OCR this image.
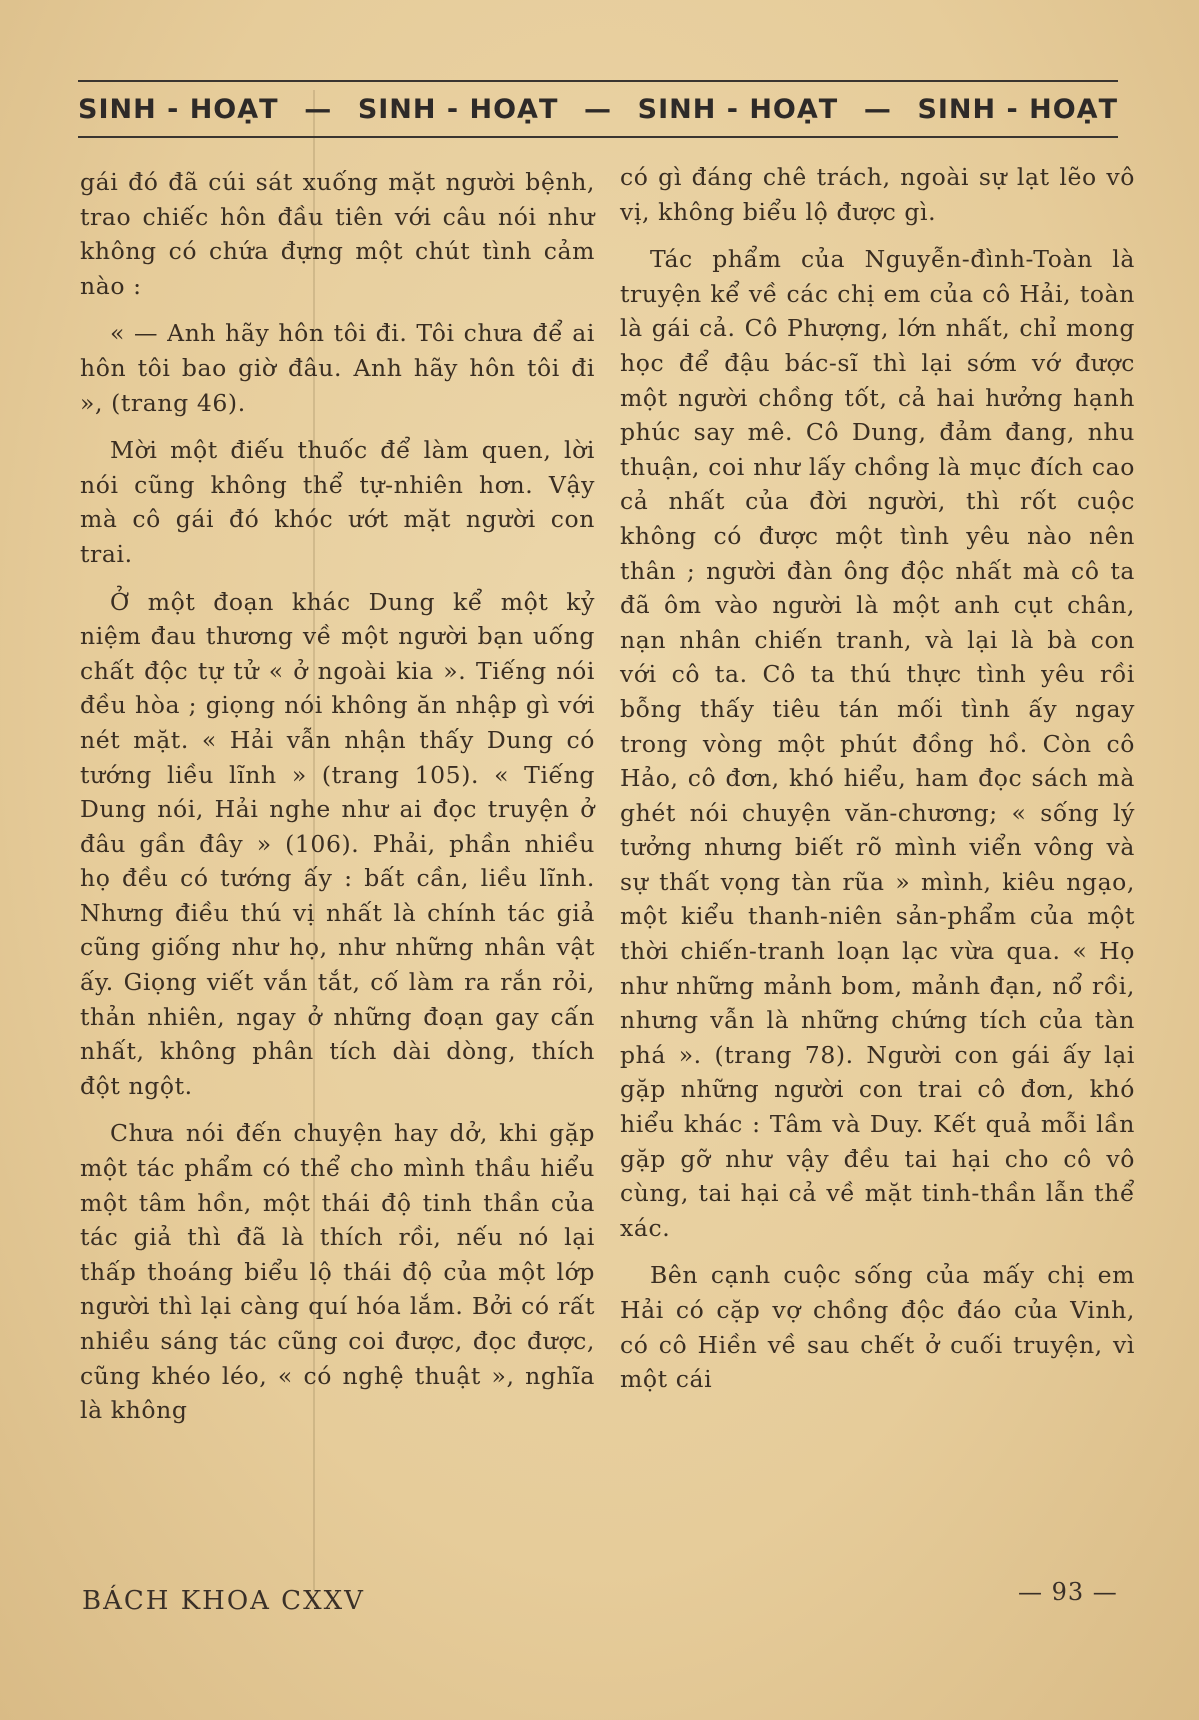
SINH - HOẠT — SINH - HOẠT — SINH - HOẠT — SINH - HOẠT

gái đó đã cúi sát xuống mặt người bệnh, trao chiếc hôn đầu tiên với câu nói như không có chứa đựng một chút tình cảm nào :

« — Anh hãy hôn tôi đi. Tôi chưa để ai hôn tôi bao giờ đâu. Anh hãy hôn tôi đi », (trang 46).

Mời một điếu thuốc để làm quen, lời nói cũng không thể tự-nhiên hơn. Vậy mà cô gái đó khóc ướt mặt người con trai.

Ở một đoạn khác Dung kể một kỷ niệm đau thương về một người bạn uống chất độc tự tử « ở ngoài kia ». Tiếng nói đều hòa ; giọng nói không ăn nhập gì với nét mặt. « Hải vẫn nhận thấy Dung có tướng liều lĩnh » (trang 105). « Tiếng Dung nói, Hải nghe như ai đọc truyện ở đâu gần đây » (106). Phải, phần nhiều họ đều có tướng ấy : bất cần, liều lĩnh. Nhưng điều thú vị nhất là chính tác giả cũng giống như họ, như những nhân vật ấy. Giọng viết vắn tắt, cố làm ra rắn rỏi, thản nhiên, ngay ở những đoạn gay cấn nhất, không phân tích dài dòng, thích đột ngột.

Chưa nói đến chuyện hay dở, khi gặp một tác phẩm có thể cho mình thầu hiểu một tâm hồn, một thái độ tinh thần của tác giả thì đã là thích rồi, nếu nó lại thấp thoáng biểu lộ thái độ của một lớp người thì lại càng quí hóa lắm. Bởi có rất nhiều sáng tác cũng coi được, đọc được, cũng khéo léo, « có nghệ thuật », nghĩa là không

có gì đáng chê trách, ngoài sự lạt lẽo vô vị, không biểu lộ được gì.

Tác phẩm của Nguyễn-đình-Toàn là truyện kể về các chị em của cô Hải, toàn là gái cả. Cô Phượng, lớn nhất, chỉ mong học để đậu bác-sĩ thì lại sớm vớ được một người chồng tốt, cả hai hưởng hạnh phúc say mê. Cô Dung, đảm đang, nhu thuận, coi như lấy chồng là mục đích cao cả nhất của đời người, thì rốt cuộc không có được một tình yêu nào nên thân ; người đàn ông độc nhất mà cô ta đã ôm vào người là một anh cụt chân, nạn nhân chiến tranh, và lại là bà con với cô ta. Cô ta thú thực tình yêu rồi bỗng thấy tiêu tán mối tình ấy ngay trong vòng một phút đồng hồ. Còn cô Hảo, cô đơn, khó hiểu, ham đọc sách mà ghét nói chuyện văn-chương; « sống lý tưởng nhưng biết rõ mình viển vông và sự thất vọng tàn rũa » mình, kiêu ngạo, một kiểu thanh-niên sản-phẩm của một thời chiến-tranh loạn lạc vừa qua. « Họ như những mảnh bom, mảnh đạn, nổ rồi, nhưng vẫn là những chứng tích của tàn phá ». (trang 78). Người con gái ấy lại gặp những người con trai cô đơn, khó hiểu khác : Tâm và Duy. Kết quả mỗi lần gặp gỡ như vậy đều tai hại cho cô vô cùng, tai hại cả về mặt tinh-thần lẫn thể xác.

Bên cạnh cuộc sống của mấy chị em Hải có cặp vợ chồng độc đáo của Vinh, có cô Hiền về sau chết ở cuối truyện, vì một cái

BÁCH KHOA CXXV	— 93 —
